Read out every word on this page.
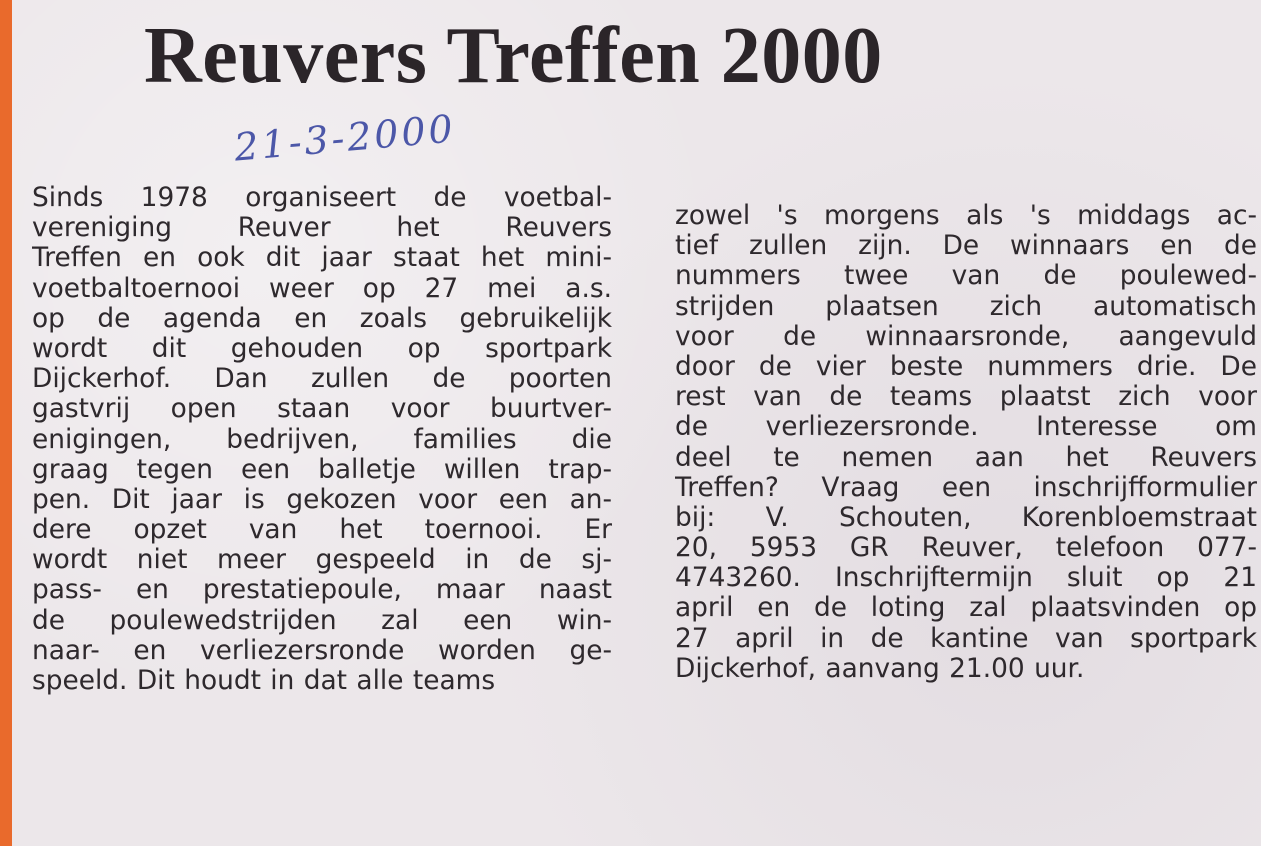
Reuvers Treffen 2000
21-3-2000
Sinds 1978 organiseert de voetbal-
vereniging Reuver het Reuvers
Treffen en ook dit jaar staat het mini-
voetbaltoernooi weer op 27 mei a.s.
op de agenda en zoals gebruikelijk
wordt dit gehouden op sportpark
Dijckerhof. Dan zullen de poorten
gastvrij open staan voor buurtver-
enigingen, bedrijven, families die
graag tegen een balletje willen trap-
pen. Dit jaar is gekozen voor een an-
dere opzet van het toernooi. Er
wordt niet meer gespeeld in de sj-
pass- en prestatiepoule, maar naast
de poulewedstrijden zal een win-
naar- en verliezersronde worden ge-
speeld. Dit houdt in dat alle teams
zowel 's morgens als 's middags ac-
tief zullen zijn. De winnaars en de
nummers twee van de poulewed-
strijden plaatsen zich automatisch
voor de winnaarsronde, aangevuld
door de vier beste nummers drie. De
rest van de teams plaatst zich voor
de verliezersronde. Interesse om
deel te nemen aan het Reuvers
Treffen? Vraag een inschrijfformulier
bij: V. Schouten, Korenbloemstraat
20, 5953 GR Reuver, telefoon 077-
4743260. Inschrijftermijn sluit op 21
april en de loting zal plaatsvinden op
27 april in de kantine van sportpark
Dijckerhof, aanvang 21.00 uur.
